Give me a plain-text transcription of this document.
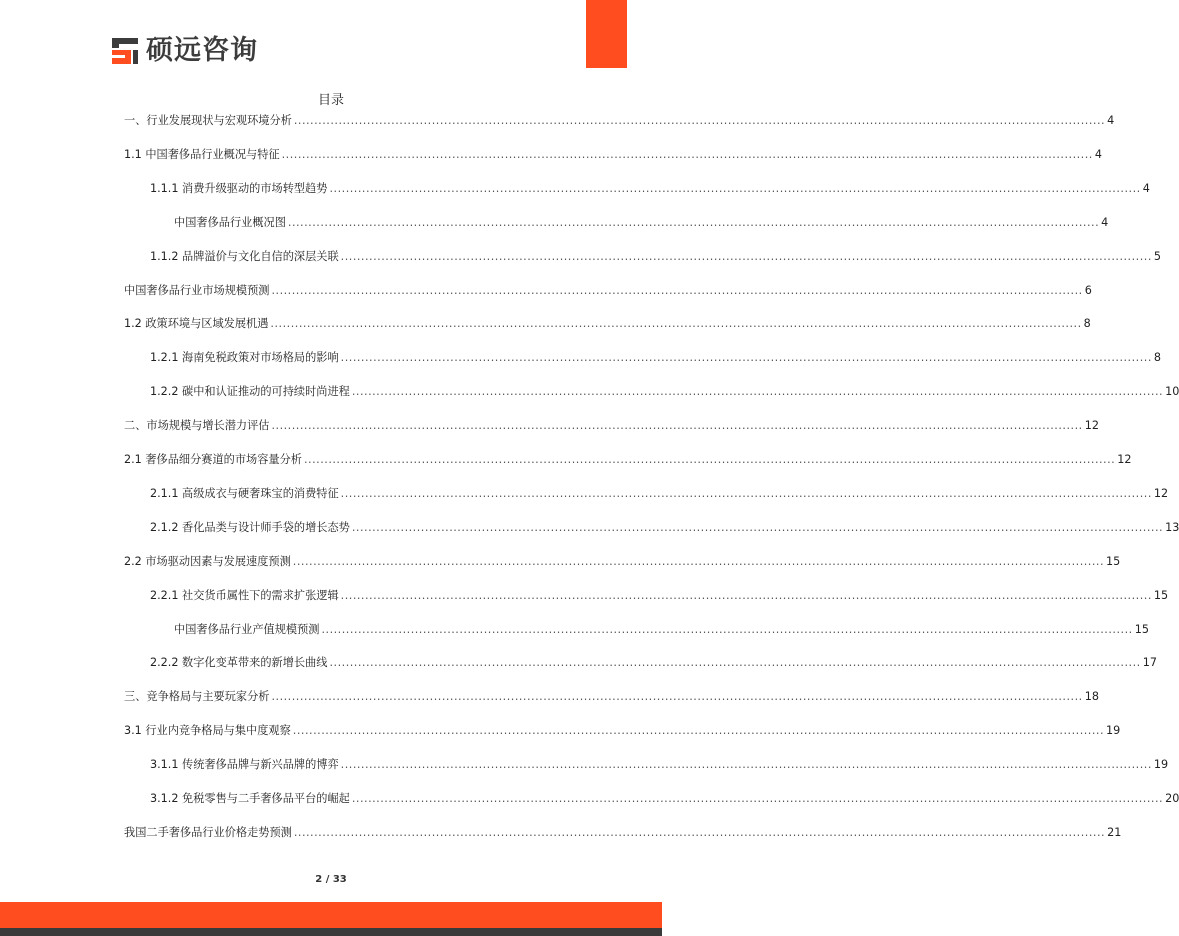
硕远咨询
目录
一、行业发展现状与宏观环境分析 ........................................................................................................................................................................................................ 4
1.1 中国奢侈品行业概况与特征 ........................................................................................................................................................................................................ 4
1.1.1 消费升级驱动的市场转型趋势 ........................................................................................................................................................................................................ 4
中国奢侈品行业概况图 ........................................................................................................................................................................................................ 4
1.1.2 品牌溢价与文化自信的深层关联 ........................................................................................................................................................................................................ 5
中国奢侈品行业市场规模预测 ........................................................................................................................................................................................................ 6
1.2 政策环境与区域发展机遇 ........................................................................................................................................................................................................ 8
1.2.1 海南免税政策对市场格局的影响 ........................................................................................................................................................................................................ 8
1.2.2 碳中和认证推动的可持续时尚进程 ........................................................................................................................................................................................................ 10
二、市场规模与增长潜力评估 ........................................................................................................................................................................................................ 12
2.1 奢侈品细分赛道的市场容量分析 ........................................................................................................................................................................................................ 12
2.1.1 高级成衣与硬奢珠宝的消费特征 ........................................................................................................................................................................................................ 12
2.1.2 香化品类与设计师手袋的增长态势 ........................................................................................................................................................................................................ 13
2.2 市场驱动因素与发展速度预测 ........................................................................................................................................................................................................ 15
2.2.1 社交货币属性下的需求扩张逻辑 ........................................................................................................................................................................................................ 15
中国奢侈品行业产值规模预测 ........................................................................................................................................................................................................ 15
2.2.2 数字化变革带来的新增长曲线 ........................................................................................................................................................................................................ 17
三、竞争格局与主要玩家分析 ........................................................................................................................................................................................................ 18
3.1 行业内竞争格局与集中度观察 ........................................................................................................................................................................................................ 19
3.1.1 传统奢侈品牌与新兴品牌的博弈 ........................................................................................................................................................................................................ 19
3.1.2 免税零售与二手奢侈品平台的崛起 ........................................................................................................................................................................................................ 20
我国二手奢侈品行业价格走势预测 ........................................................................................................................................................................................................ 21
2 / 33
